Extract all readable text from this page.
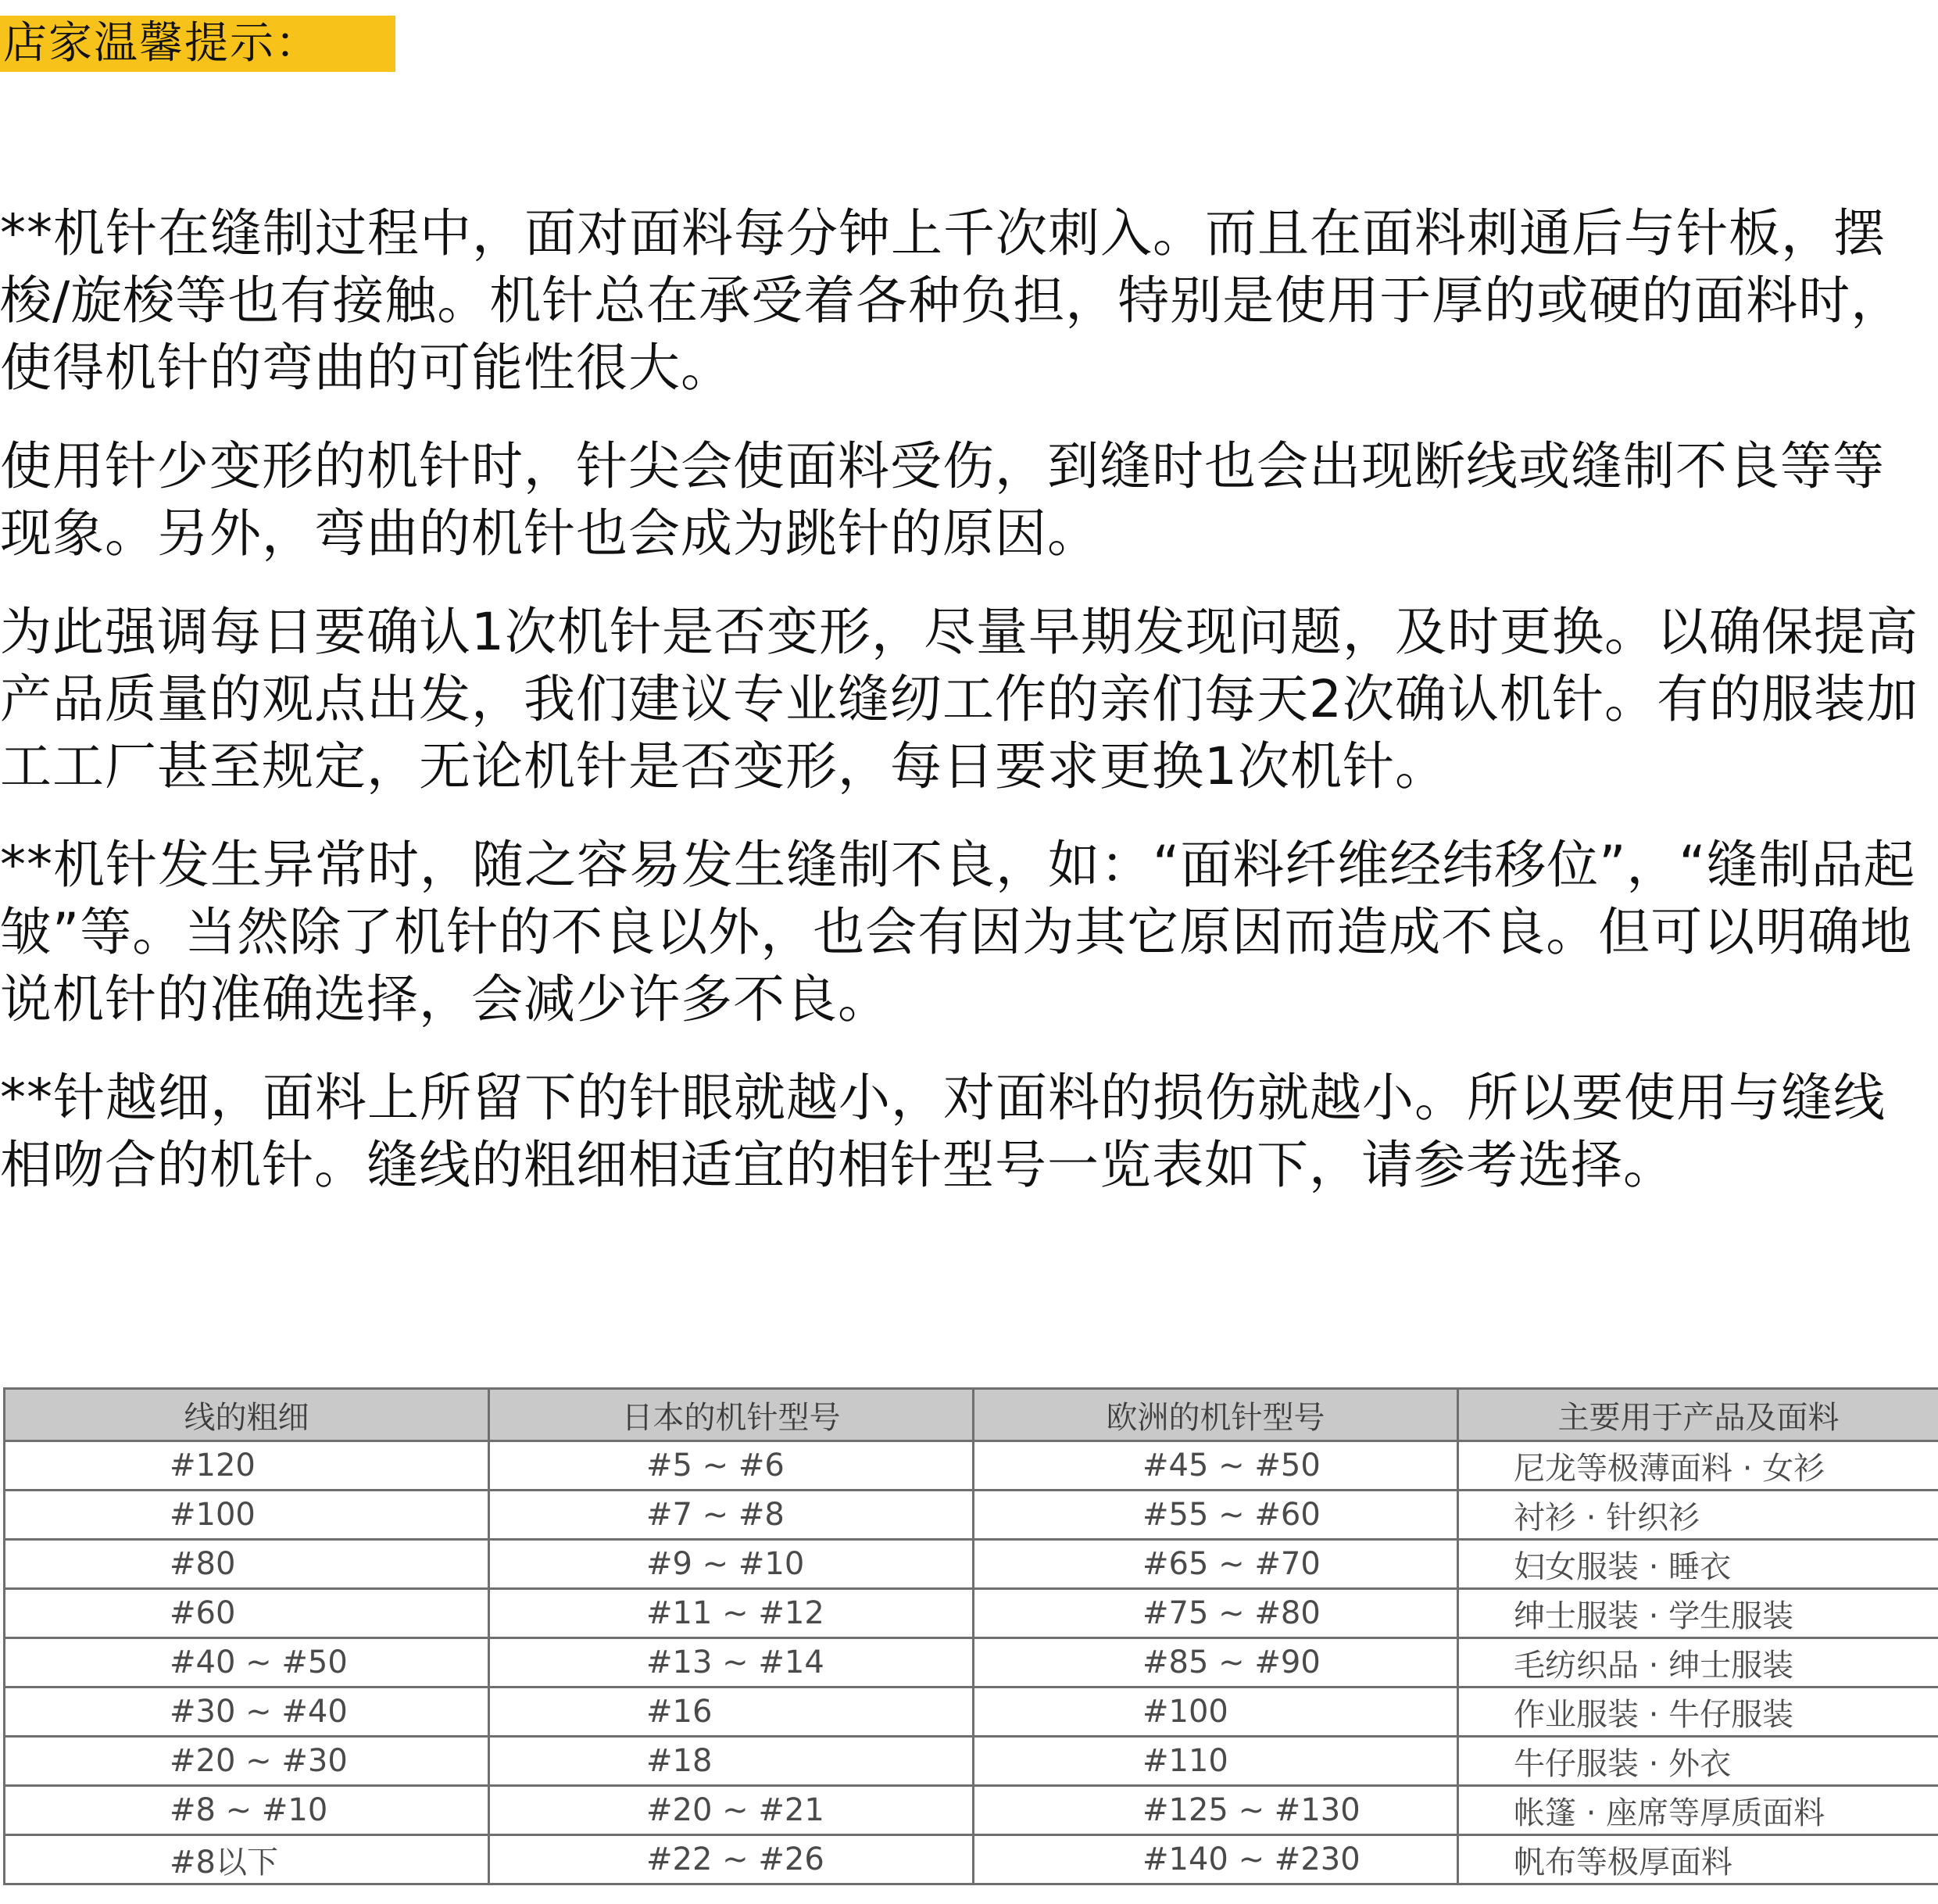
店家温馨提示：

**机针在缝制过程中，面对面料每分钟上千次刺入。而且在面料刺通后与针板，摆梭/旋梭等也有接触。机针总在承受着各种负担，特别是使用于厚的或硬的面料时，使得机针的弯曲的可能性很大。

使用针少变形的机针时，针尖会使面料受伤，到缝时也会出现断线或缝制不良等等现象。另外，弯曲的机针也会成为跳针的原因。

为此强调每日要确认1次机针是否变形，尽量早期发现问题，及时更换。以确保提高产品质量的观点出发，我们建议专业缝纫工作的亲们每天2次确认机针。有的服装加工工厂甚至规定，无论机针是否变形，每日要求更换1次机针。

**机针发生异常时，随之容易发生缝制不良，如：“面料纤维经纬移位”，“缝制品起皱”等。当然除了机针的不良以外，也会有因为其它原因而造成不良。但可以明确地说机针的准确选择，会减少许多不良。

**针越细，面料上所留下的针眼就越小，对面料的损伤就越小。所以要使用与缝线相吻合的机针。缝线的粗细相适宜的相针型号一览表如下，请参考选择。

线的粗细	日本的机针型号	欧洲的机针型号	主要用于产品及面料
#120	#5 ~ #6	#45 ~ #50	尼龙等极薄面料 · 女衫
#100	#7 ~ #8	#55 ~ #60	衬衫 · 针织衫
#80	#9 ~ #10	#65 ~ #70	妇女服装 · 睡衣
#60	#11 ~ #12	#75 ~ #80	绅士服装 · 学生服装
#40 ~ #50	#13 ~ #14	#85 ~ #90	毛纺织品 · 绅士服装
#30 ~ #40	#16	#100	作业服装 · 牛仔服装
#20 ~ #30	#18	#110	牛仔服装 · 外衣
#8 ~ #10	#20 ~ #21	#125 ~ #130	帐篷 · 座席等厚质面料
#8以下	#22 ~ #26	#140 ~ #230	帆布等极厚面料
